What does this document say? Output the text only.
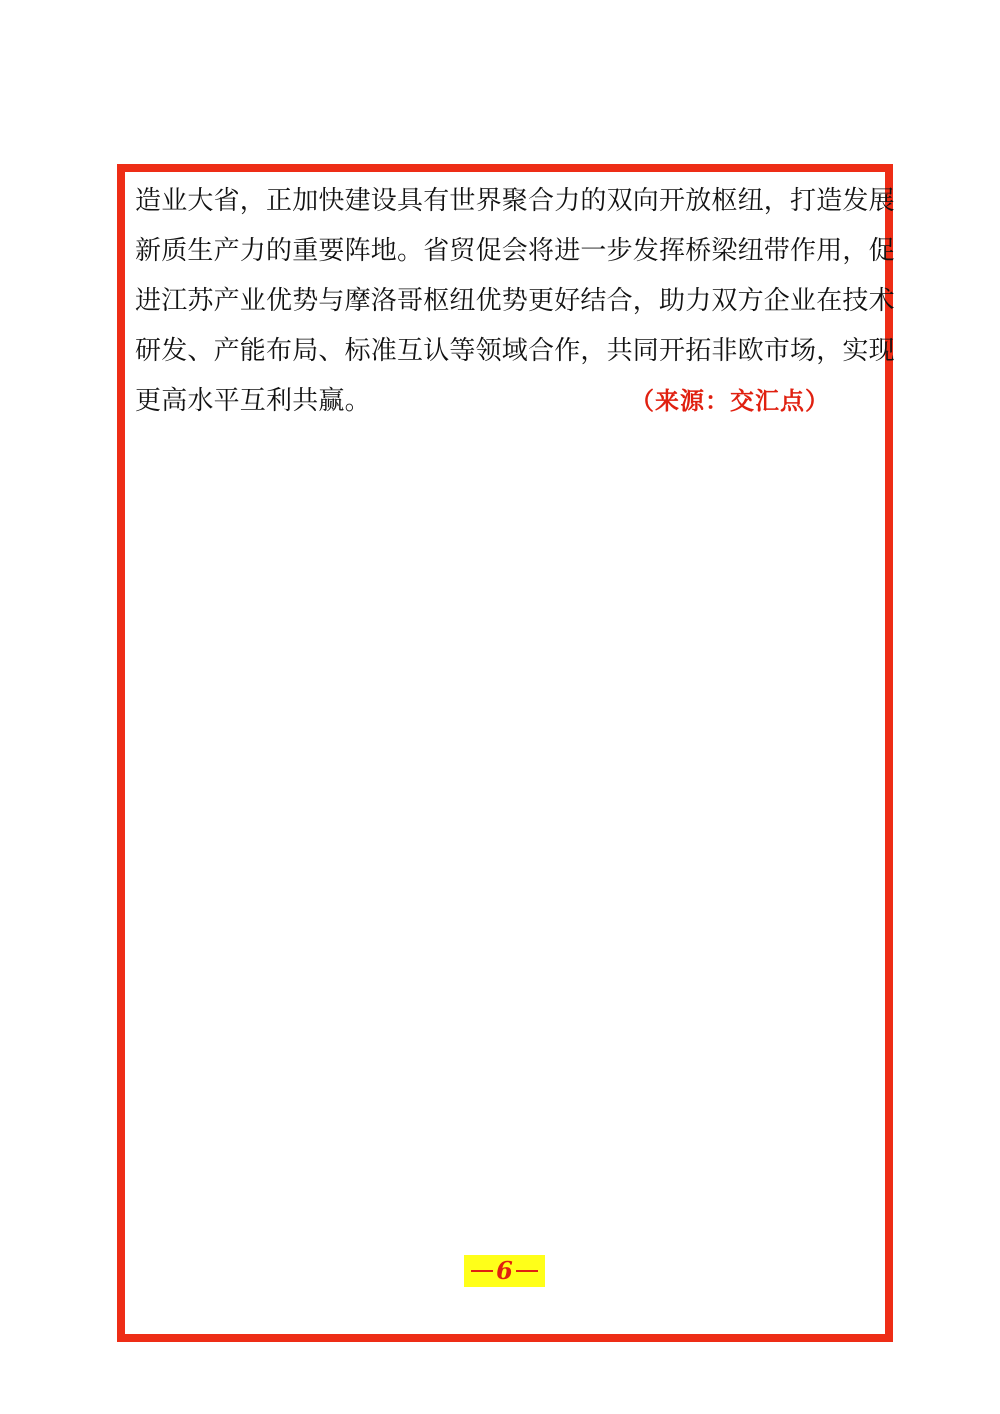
造业大省，正加快建设具有世界聚合力的双向开放枢纽，打造发展
新质生产力的重要阵地。省贸促会将进一步发挥桥梁纽带作用，促
进江苏产业优势与摩洛哥枢纽优势更好结合，助力双方企业在技术
研发、产能布局、标准互认等领域合作，共同开拓非欧市场，实现
更高水平互利共赢。	（来源：交汇点）
6
